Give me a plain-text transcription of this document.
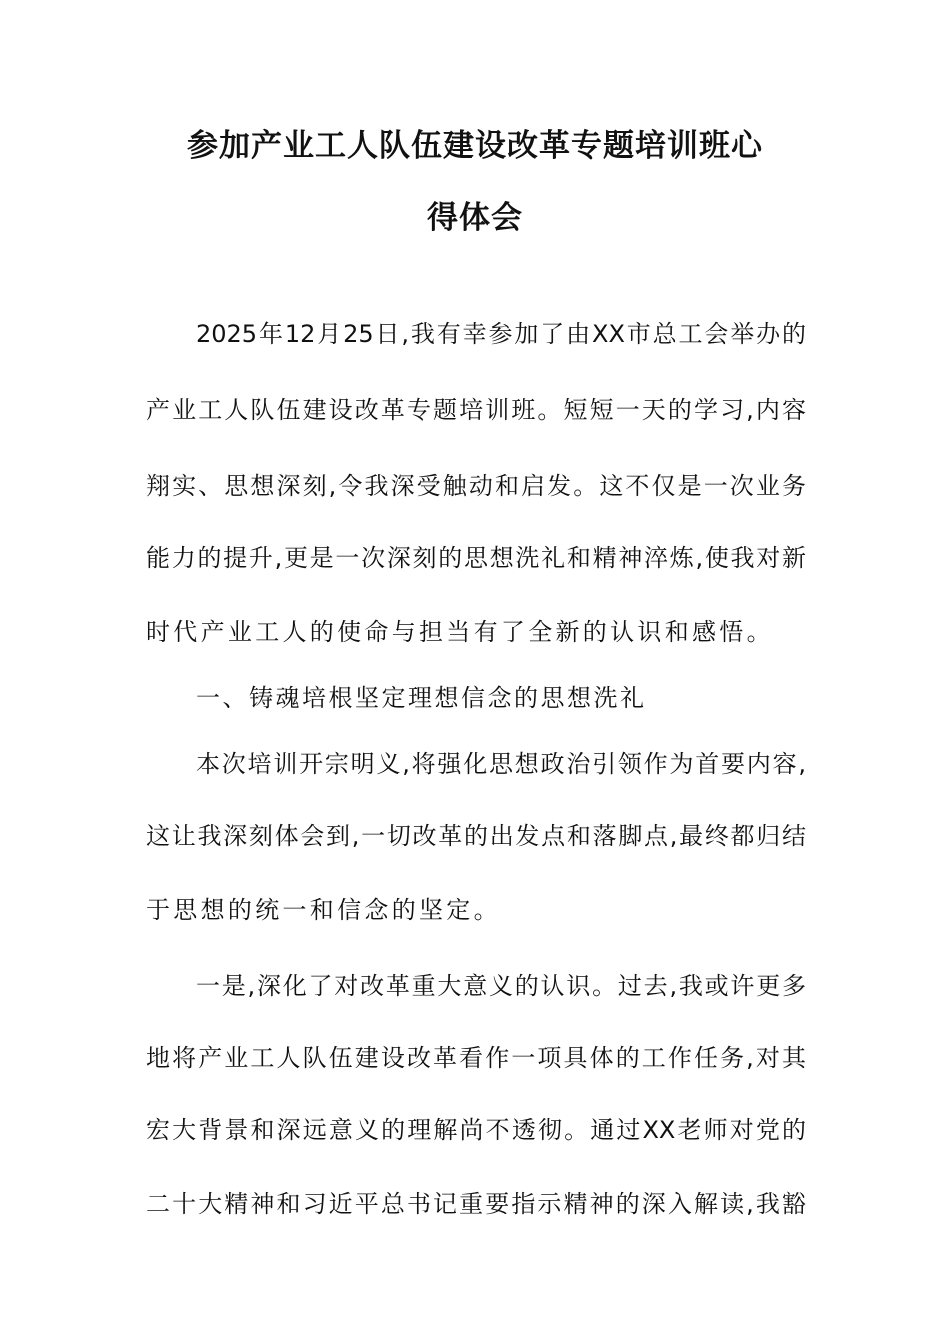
参加产业工人队伍建设改革专题培训班心
得体会
2025年12月25日,我有幸参加了由XX市总工会举办的
产业工人队伍建设改革专题培训班。短短一天的学习,内容
翔实、思想深刻,令我深受触动和启发。这不仅是一次业务
能力的提升,更是一次深刻的思想洗礼和精神淬炼,使我对新
时代产业工人的使命与担当有了全新的认识和感悟。
一、铸魂培根坚定理想信念的思想洗礼
本次培训开宗明义,将强化思想政治引领作为首要内容,
这让我深刻体会到,一切改革的出发点和落脚点,最终都归结
于思想的统一和信念的坚定。
一是,深化了对改革重大意义的认识。过去,我或许更多
地将产业工人队伍建设改革看作一项具体的工作任务,对其
宏大背景和深远意义的理解尚不透彻。通过XX老师对党的
二十大精神和习近平总书记重要指示精神的深入解读,我豁
